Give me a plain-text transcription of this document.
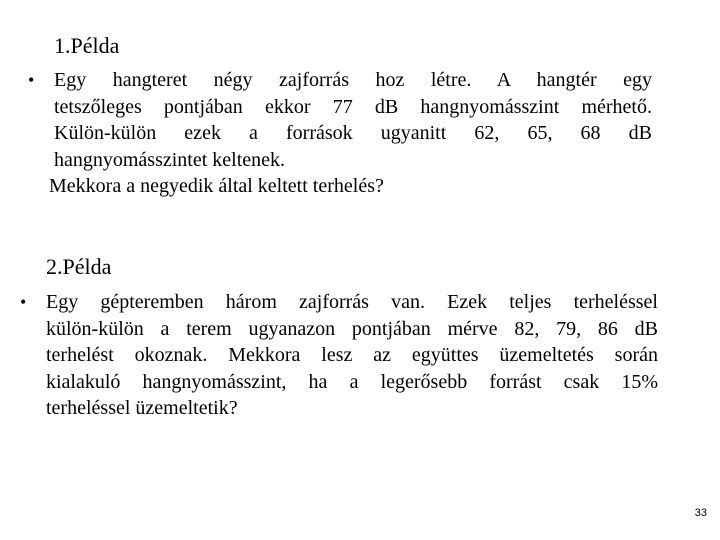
1.Példa
• Egy hangteret négy zajforrás hoz létre. A hangtér egy
tetszőleges pontjában ekkor 77 dB hangnyomásszint mérhető.
Külön-külön ezek a források ugyanitt 62, 65, 68 dB
hangnyomásszintet keltenek.
Mekkora a negyedik által keltett terhelés?
2.Példa
• Egy gépteremben három zajforrás van. Ezek teljes terheléssel
külön-külön a terem ugyanazon pontjában mérve 82, 79, 86 dB
terhelést okoznak. Mekkora lesz az együttes üzemeltetés során
kialakuló hangnyomásszint, ha a legerősebb forrást csak 15%
terheléssel üzemeltetik?
33
